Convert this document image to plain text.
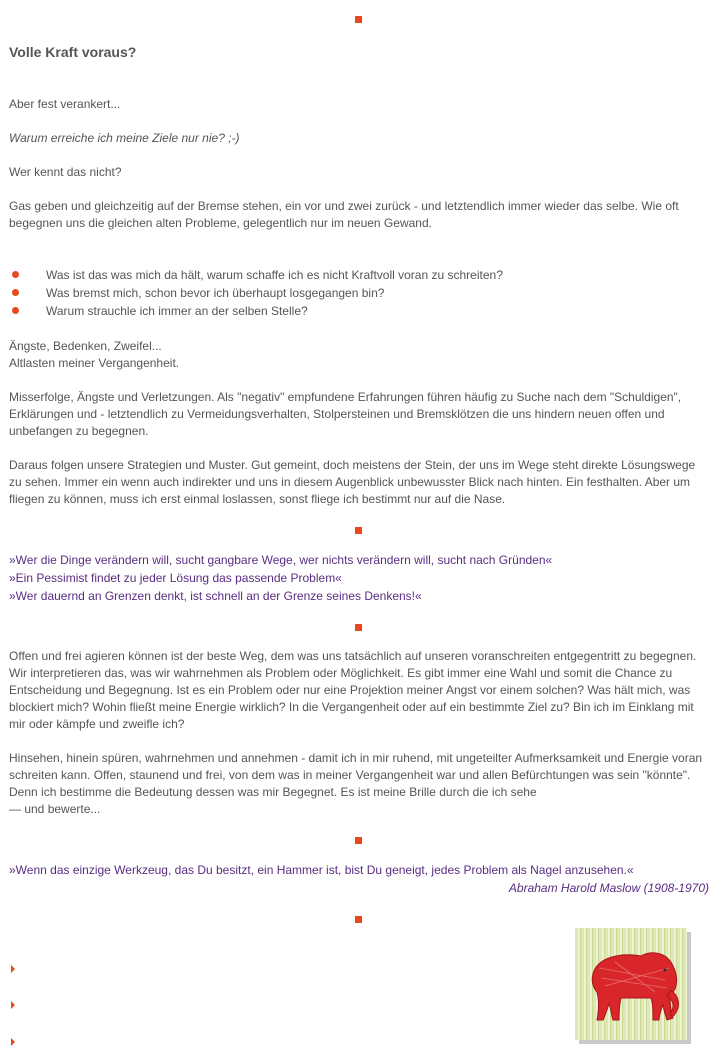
Volle Kraft voraus?
Aber fest verankert...
Warum erreiche ich meine Ziele nur nie? ;-)
Wer kennt das nicht?
Gas geben und gleichzeitig auf der Bremse stehen, ein vor und zwei zurück - und letztendlich immer wieder das selbe. Wie oft
begegnen uns die gleichen alten Probleme, gelegentlich nur im neuen Gewand.
Was ist das was mich da hält, warum schaffe ich es nicht Kraftvoll voran zu schreiten?
Was bremst mich, schon bevor ich überhaupt losgegangen bin?
Warum strauchle ich immer an der selben Stelle?
Ängste, Bedenken, Zweifel...
Altlasten meiner Vergangenheit.
Misserfolge, Ängste und Verletzungen. Als "negativ" empfundene Erfahrungen führen häufig zu Suche nach dem "Schuldigen",
Erklärungen und - letztendlich zu Vermeidungsverhalten, Stolpersteinen und Bremsklötzen die uns hindern neuen offen und
unbefangen zu begegnen.
Daraus folgen unsere Strategien und Muster. Gut gemeint, doch meistens der Stein, der uns im Wege steht direkte Lösungswege
zu sehen. Immer ein wenn auch indirekter und uns in diesem Augenblick unbewusster Blick nach hinten. Ein festhalten. Aber um
fliegen zu können, muss ich erst einmal loslassen, sonst fliege ich bestimmt nur auf die Nase.
»Wer die Dinge verändern will, sucht gangbare Wege, wer nichts verändern will, sucht nach Gründen«
»Ein Pessimist findet zu jeder Lösung das passende Problem«
»Wer dauernd an Grenzen denkt, ist schnell an der Grenze seines Denkens!«
Offen und frei agieren können ist der beste Weg, dem was uns tatsächlich auf unseren voranschreiten entgegentritt zu begegnen.
Wir interpretieren das, was wir wahrnehmen als Problem oder Möglichkeit. Es gibt immer eine Wahl und somit die Chance zu
Entscheidung und Begegnung. Ist es ein Problem oder nur eine Projektion meiner Angst vor einem solchen? Was hält mich, was
blockiert mich? Wohin fließt meine Energie wirklich? In die Vergangenheit oder auf ein bestimmte Ziel zu? Bin ich im Einklang mit
mir oder kämpfe und zweifle ich?
Hinsehen, hinein spüren, wahrnehmen und annehmen - damit ich in mir ruhend, mit ungeteilter Aufmerksamkeit und Energie voran
schreiten kann. Offen, staunend und frei, von dem was in meiner Vergangenheit war und allen Befürchtungen was sein "könnte".
Denn ich bestimme die Bedeutung dessen was mir Begegnet. Es ist meine Brille durch die ich sehe
— und bewerte...
»Wenn das einzige Werkzeug, das Du besitzt, ein Hammer ist, bist Du geneigt, jedes Problem als Nagel anzusehen.«
Abraham Harold Maslow (1908-1970)
